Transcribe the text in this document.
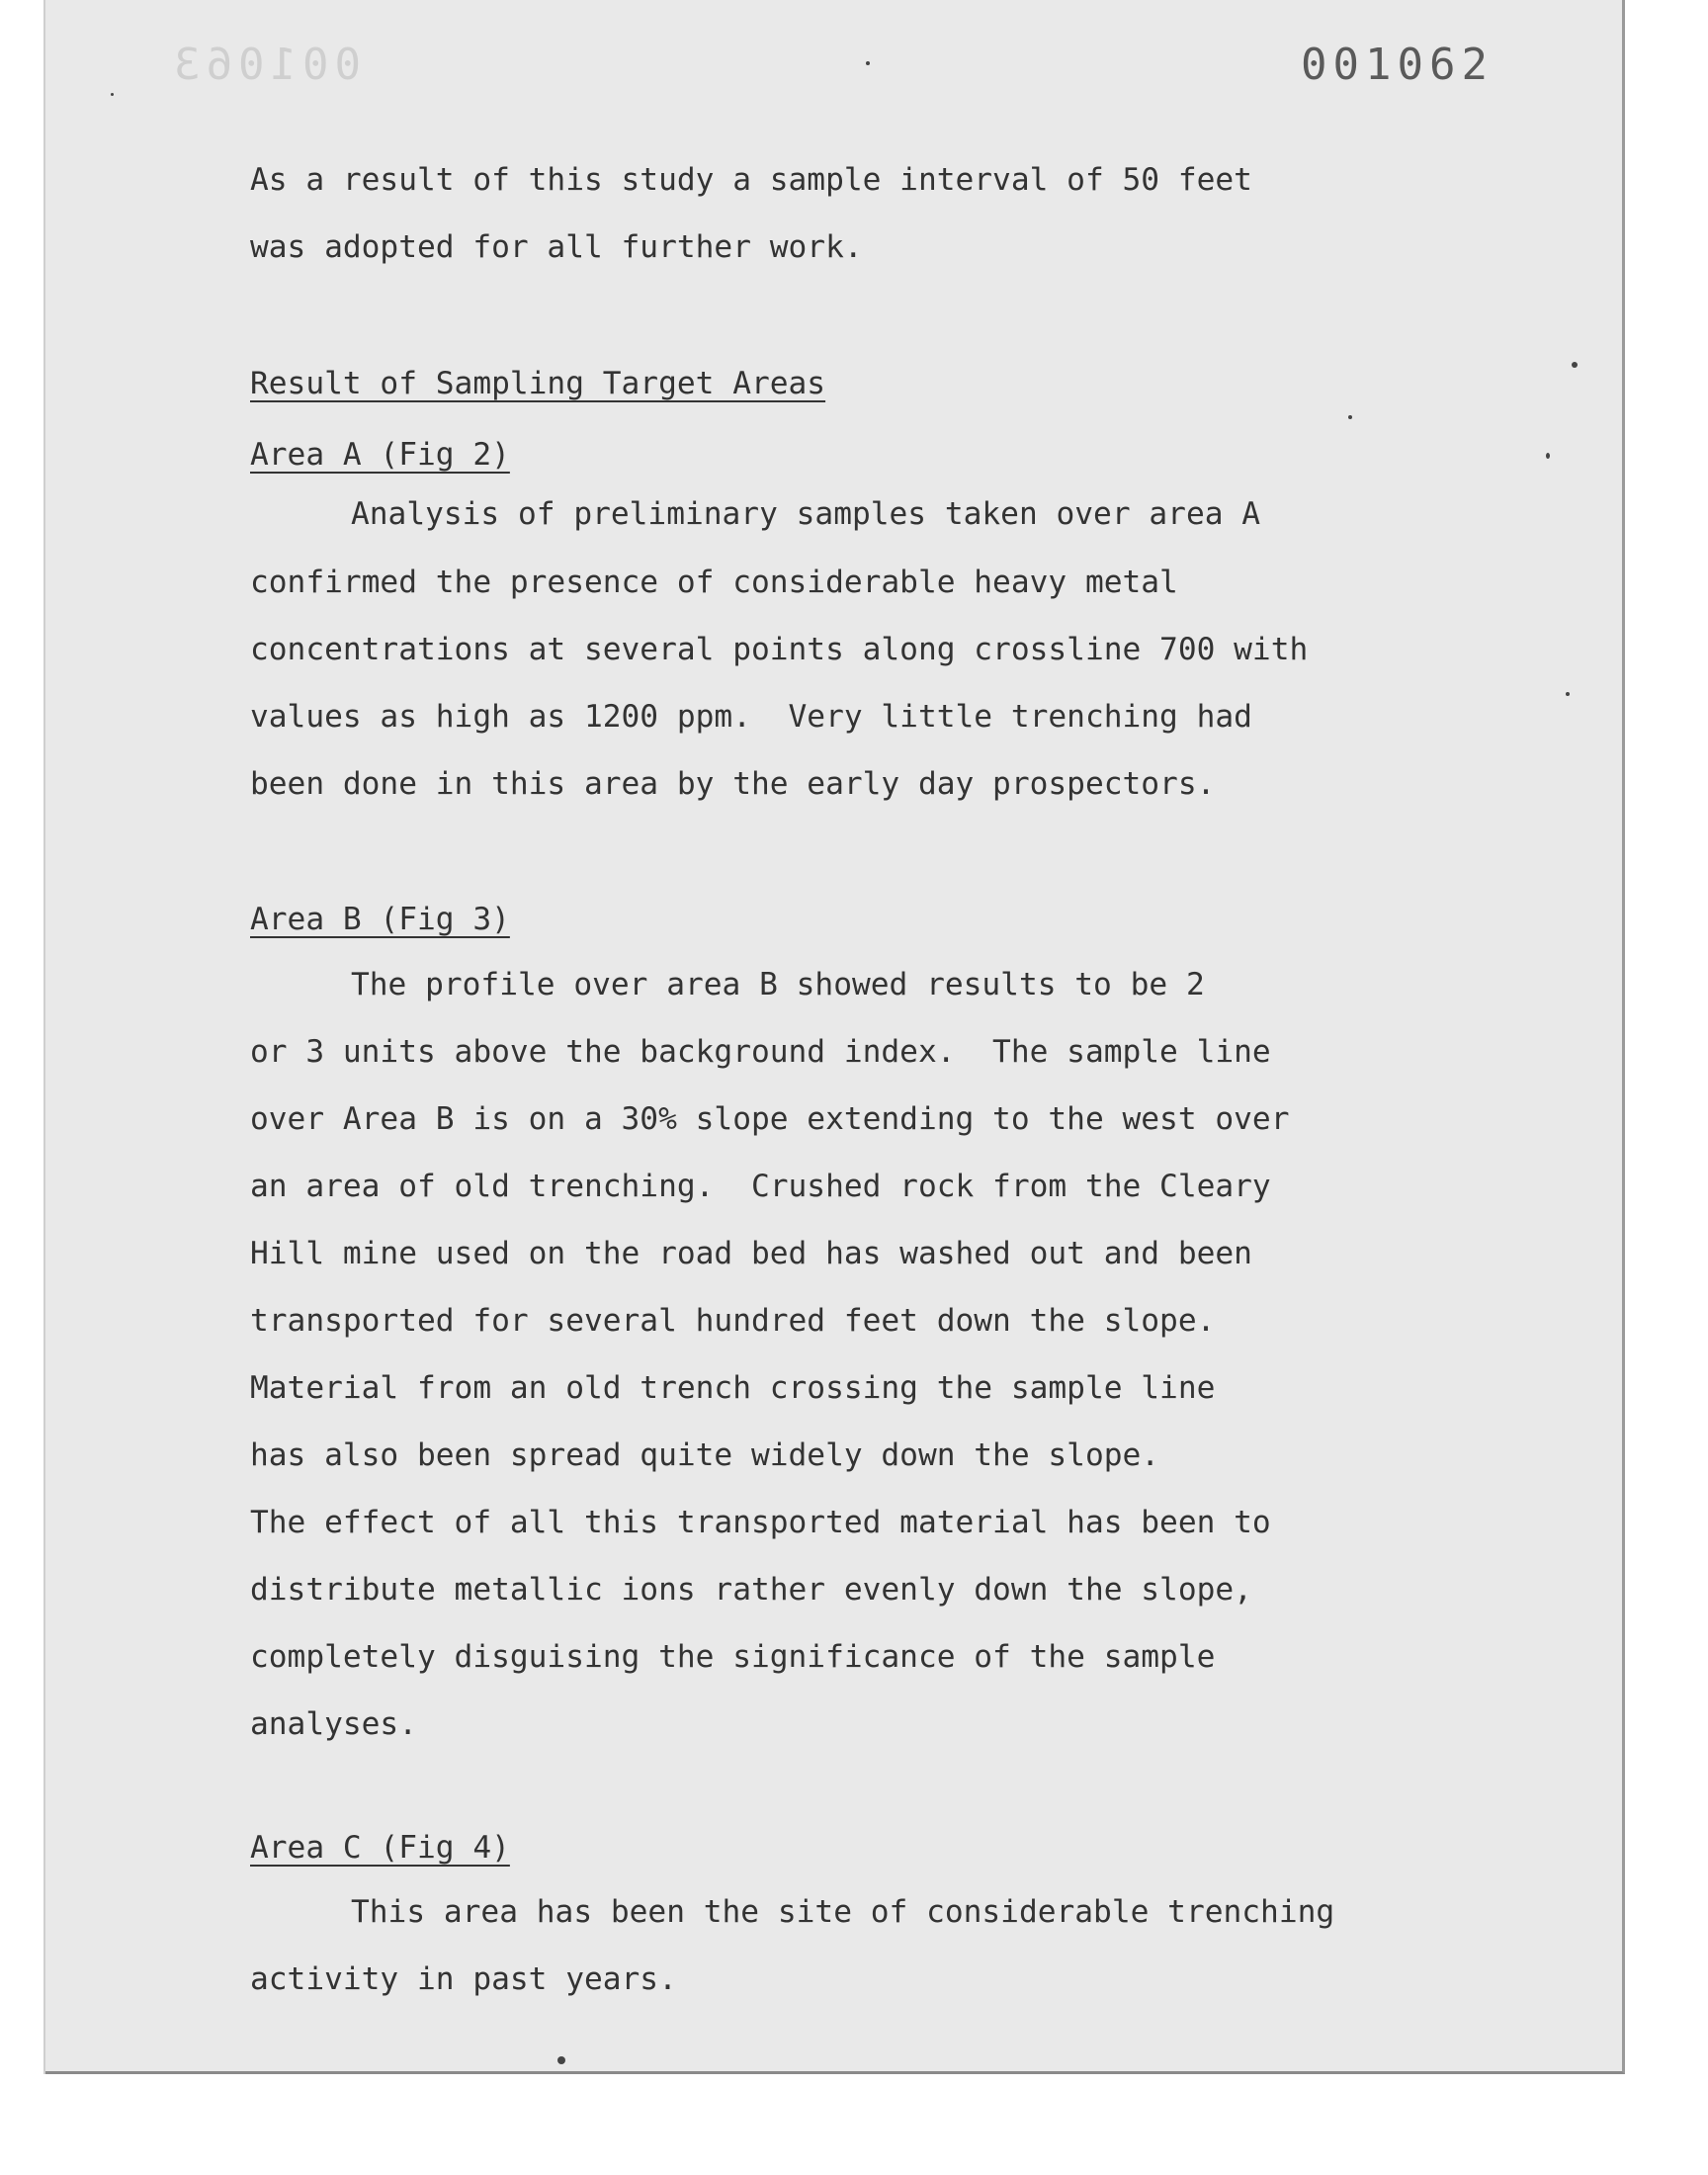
001063	001062
As a result of this study a sample interval of 50 feet
was adopted for all further work.
Result of Sampling Target Areas
Area A (Fig 2)
Analysis of preliminary samples taken over area A
confirmed the presence of considerable heavy metal
concentrations at several points along crossline 700 with
values as high as 1200 ppm.  Very little trenching had
been done in this area by the early day prospectors.
Area B (Fig 3)
The profile over area B showed results to be 2
or 3 units above the background index.  The sample line
over Area B is on a 30% slope extending to the west over
an area of old trenching.  Crushed rock from the Cleary
Hill mine used on the road bed has washed out and been
transported for several hundred feet down the slope.
Material from an old trench crossing the sample line
has also been spread quite widely down the slope.
The effect of all this transported material has been to
distribute metallic ions rather evenly down the slope,
completely disguising the significance of the sample
analyses.
Area C (Fig 4)
This area has been the site of considerable trenching
activity in past years.
